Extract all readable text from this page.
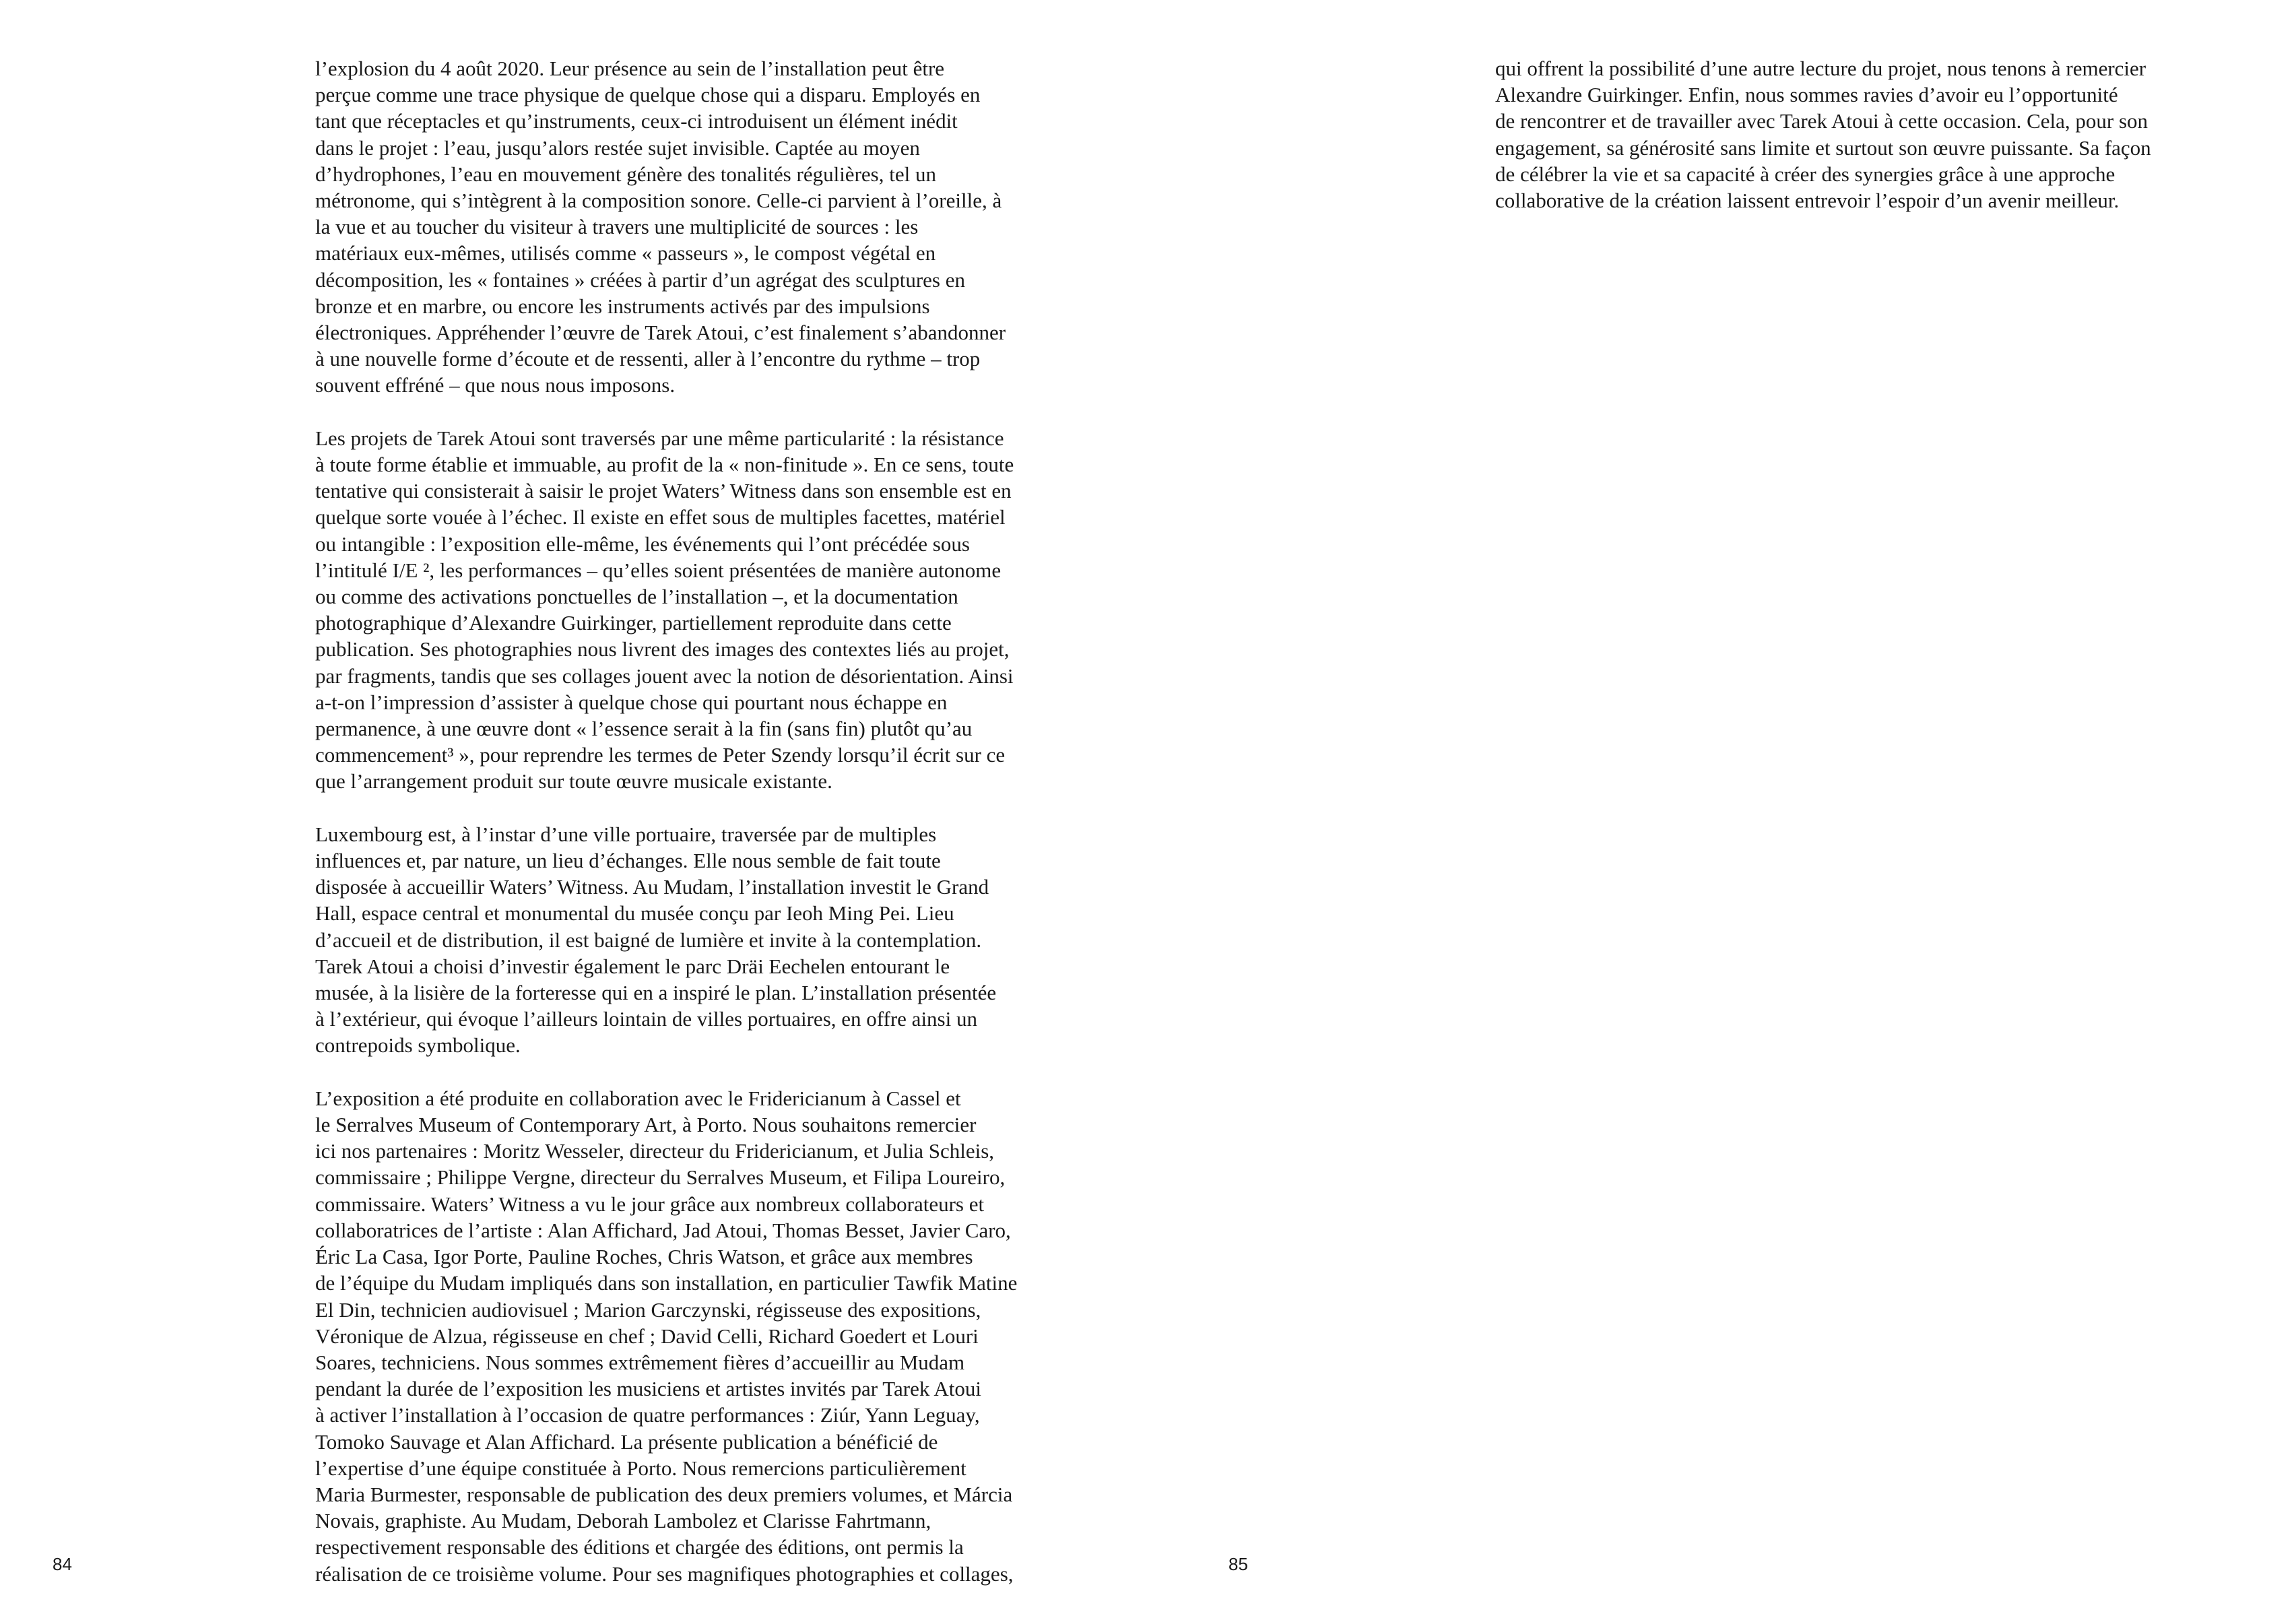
l’explosion du 4 août 2020. Leur présence au sein de l’installation peut être
perçue comme une trace physique de quelque chose qui a disparu. Employés en
tant que réceptacles et qu’instruments, ceux-ci introduisent un élément inédit
dans le projet : l’eau, jusqu’alors restée sujet invisible. Captée au moyen
d’hydrophones, l’eau en mouvement génère des tonalités régulières, tel un
métronome, qui s’intègrent à la composition sonore. Celle-ci parvient à l’oreille, à
la vue et au toucher du visiteur à travers une multiplicité de sources : les
matériaux eux-mêmes, utilisés comme « passeurs », le compost végétal en
décomposition, les « fontaines » créées à partir d’un agrégat des sculptures en
bronze et en marbre, ou encore les instruments activés par des impulsions
électroniques. Appréhender l’œuvre de Tarek Atoui, c’est finalement s’abandonner
à une nouvelle forme d’écoute et de ressenti, aller à l’encontre du rythme – trop
souvent effréné – que nous nous imposons.

Les projets de Tarek Atoui sont traversés par une même particularité : la résistance
à toute forme établie et immuable, au profit de la « non-finitude ». En ce sens, toute
tentative qui consisterait à saisir le projet Waters’ Witness dans son ensemble est en
quelque sorte vouée à l’échec. Il existe en effet sous de multiples facettes, matériel
ou intangible : l’exposition elle-même, les événements qui l’ont précédée sous
l’intitulé I/E ², les performances – qu’elles soient présentées de manière autonome
ou comme des activations ponctuelles de l’installation –, et la documentation
photographique d’Alexandre Guirkinger, partiellement reproduite dans cette
publication. Ses photographies nous livrent des images des contextes liés au projet,
par fragments, tandis que ses collages jouent avec la notion de désorientation. Ainsi
a-t-on l’impression d’assister à quelque chose qui pourtant nous échappe en
permanence, à une œuvre dont « l’essence serait à la fin (sans fin) plutôt qu’au
commencement³ », pour reprendre les termes de Peter Szendy lorsqu’il écrit sur ce
que l’arrangement produit sur toute œuvre musicale existante.

Luxembourg est, à l’instar d’une ville portuaire, traversée par de multiples
influences et, par nature, un lieu d’échanges. Elle nous semble de fait toute
disposée à accueillir Waters’ Witness. Au Mudam, l’installation investit le Grand
Hall, espace central et monumental du musée conçu par Ieoh Ming Pei. Lieu
d’accueil et de distribution, il est baigné de lumière et invite à la contemplation.
Tarek Atoui a choisi d’investir également le parc Dräi Eechelen entourant le
musée, à la lisière de la forteresse qui en a inspiré le plan. L’installation présentée
à l’extérieur, qui évoque l’ailleurs lointain de villes portuaires, en offre ainsi un
contrepoids symbolique.

L’exposition a été produite en collaboration avec le Fridericianum à Cassel et
le Serralves Museum of Contemporary Art, à Porto. Nous souhaitons remercier
ici nos partenaires : Moritz Wesseler, directeur du Fridericianum, et Julia Schleis,
commissaire ; Philippe Vergne, directeur du Serralves Museum, et Filipa Loureiro,
commissaire. Waters’ Witness a vu le jour grâce aux nombreux collaborateurs et
collaboratrices de l’artiste : Alan Affichard, Jad Atoui, Thomas Besset, Javier Caro,
Éric La Casa, Igor Porte, Pauline Roches, Chris Watson, et grâce aux membres
de l’équipe du Mudam impliqués dans son installation, en particulier Tawfik Matine
El Din, technicien audiovisuel ; Marion Garczynski, régisseuse des expositions,
Véronique de Alzua, régisseuse en chef ; David Celli, Richard Goedert et Louri
Soares, techniciens. Nous sommes extrêmement fières d’accueillir au Mudam
pendant la durée de l’exposition les musiciens et artistes invités par Tarek Atoui
à activer l’installation à l’occasion de quatre performances : Ziúr, Yann Leguay,
Tomoko Sauvage et Alan Affichard. La présente publication a bénéficié de
l’expertise d’une équipe constituée à Porto. Nous remercions particulièrement
Maria Burmester, responsable de publication des deux premiers volumes, et Márcia
Novais, graphiste. Au Mudam, Deborah Lambolez et Clarisse Fahrtmann,
respectivement responsable des éditions et chargée des éditions, ont permis la
réalisation de ce troisième volume. Pour ses magnifiques photographies et collages,

84

qui offrent la possibilité d’une autre lecture du projet, nous tenons à remercier
Alexandre Guirkinger. Enfin, nous sommes ravies d’avoir eu l’opportunité
de rencontrer et de travailler avec Tarek Atoui à cette occasion. Cela, pour son
engagement, sa générosité sans limite et surtout son œuvre puissante. Sa façon
de célébrer la vie et sa capacité à créer des synergies grâce à une approche
collaborative de la création laissent entrevoir l’espoir d’un avenir meilleur.

85
